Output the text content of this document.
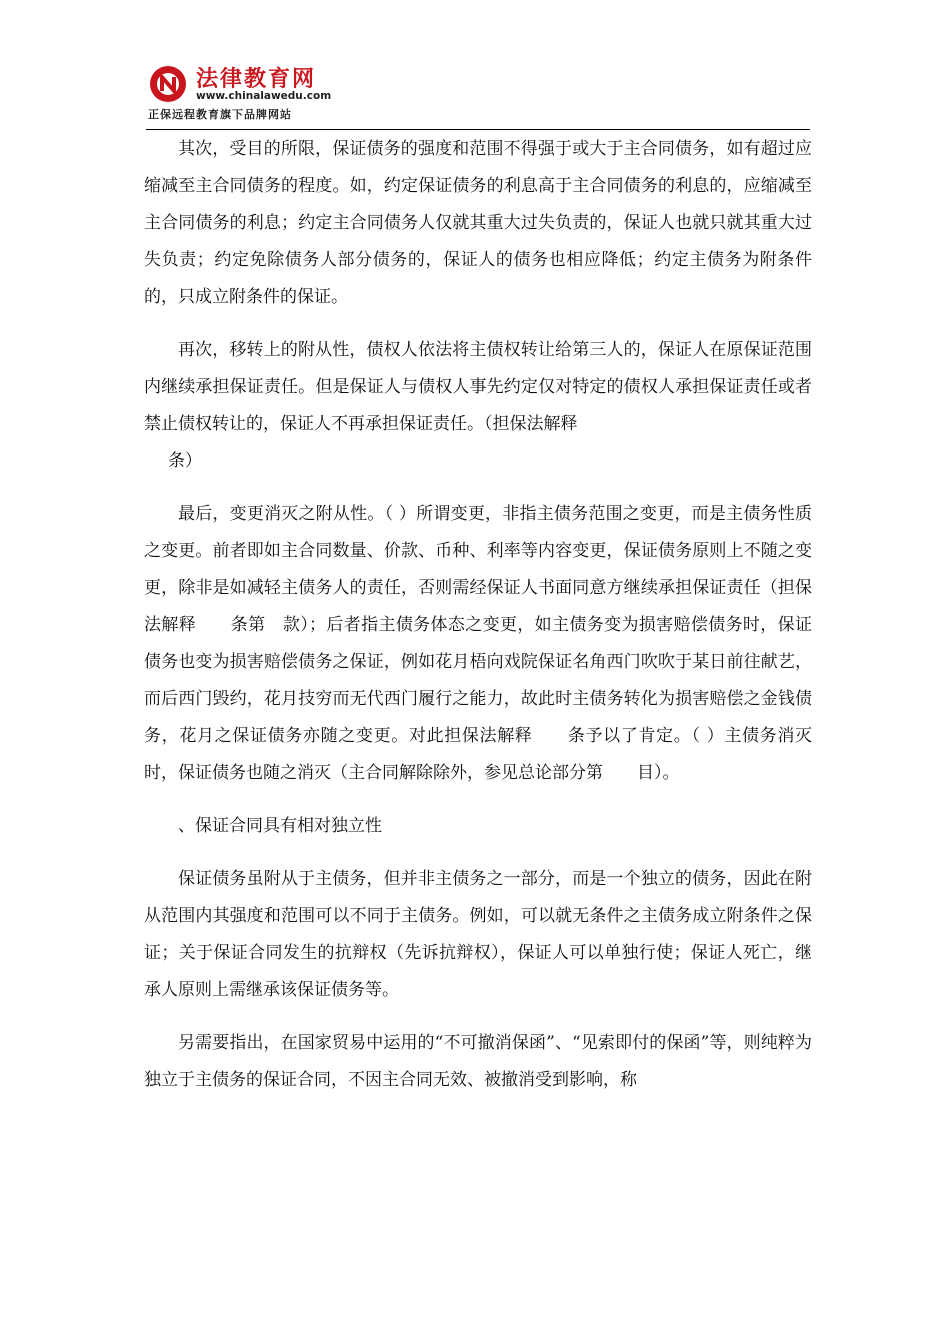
法律教育网
www.chinalawedu.com
正保远程教育旗下品牌网站

其次，受目的所限，保证债务的强度和范围不得强于或大于主合同债务，如有超过应缩减至主合同债务的程度。如，约定保证债务的利息高于主合同债务的利息的，应缩减至主合同债务的利息；约定主合同债务人仅就其重大过失负责的，保证人也就只就其重大过失负责；约定免除债务人部分债务的，保证人的债务也相应降低；约定主债务为附条件的，只成立附条件的保证。

再次，移转上的附从性，债权人依法将主债权转让给第三人的，保证人在原保证范围内继续承担保证责任。但是保证人与债权人事先约定仅对特定的债权人承担保证责任或者禁止债权转让的，保证人不再承担保证责任。（担保法解释
条）

最后，变更消灭之附从性。（ ）所谓变更，非指主债务范围之变更，而是主债务性质之变更。前者即如主合同数量、价款、币种、利率等内容变更，保证债务原则上不随之变更，除非是如减轻主债务人的责任，否则需经保证人书面同意方继续承担保证责任（担保法解释　　条第　款）；后者指主债务体态之变更，如主债务变为损害赔偿债务时，保证债务也变为损害赔偿债务之保证，例如花月梧向戏院保证名角西门吹吹于某日前往献艺，而后西门毁约，花月技穷而无代西门履行之能力，故此时主债务转化为损害赔偿之金钱债务，花月之保证债务亦随之变更。对此担保法解释　　条予以了肯定。（ ）主债务消灭时，保证债务也随之消灭（主合同解除除外，参见总论部分第　　目）。

、保证合同具有相对独立性

保证债务虽附从于主债务，但并非主债务之一部分，而是一个独立的债务，因此在附从范围内其强度和范围可以不同于主债务。例如，可以就无条件之主债务成立附条件之保证；关于保证合同发生的抗辩权（先诉抗辩权），保证人可以单独行使；保证人死亡，继承人原则上需继承该保证债务等。

另需要指出，在国家贸易中运用的“不可撤消保函”、“见索即付的保函”等，则纯粹为独立于主债务的保证合同，不因主合同无效、被撤消受到影响，称
